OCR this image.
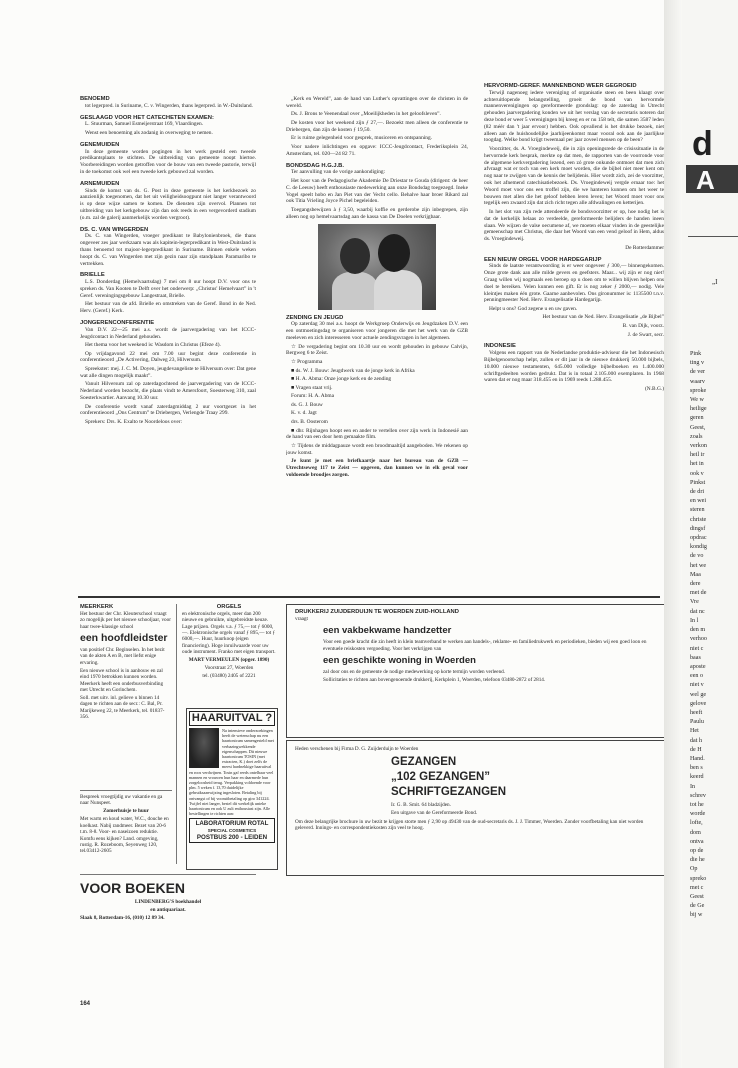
BENOEMD

tot legerpred. in Suriname, C. v. Wingerden, thans legerpred. in W.-Duitsland.

GESLAAGD VOOR HET CATECHETEN EXAMEN:

L. Stuurman, Samuel Esmeijerstraat 169, Vlaardingen.

Wenst een benoeming als zodanig in overweging te nemen.

GENEMUIDEN

In deze gemeente worden pogingen in het werk gesteld een tweede predikantsplaats te stichten. De uitbreiding van gemeente noopt hiertoe. Voorbereidingen worden getroffen voor de bouw van een tweede pastorie, terwijl in de toekomst ook wel een tweede kerk gebouwd zal worden.

ARNEMUIDEN

Sinds de komst van ds. G. Post in deze gemeente is het kerkbezoek zo aanzienlijk toegenomen, dat het uit veiligheidsoogpunt niet langer verantwoord is op deze wijze samen te komen. De diensten zijn overvol. Plannen tot uitbreiding van het kerkgebouw zijn dan ook reeds in een vergevorderd stadium (o.m. zal de galerij aanmerkelijk worden vergroot).

DS. C. VAN WINGERDEN

Ds. C. van Wingerden, vroeger predikant te Babylonienbroek, die thans ongeveer zes jaar werkzaam was als kapitein-legerpredikant in West-Duitsland is thans benoemd tot majoor-legerpredikant in Suriname. Binnen enkele weken hoopt ds. C. van Wingerden met zijn gezin naar zijn standplaats Paramaribo te vertrekken.

BRIELLE

L.S. Donderdag (Hemelvaartsdag) 7 mei om 8 uur hoopt D.V. voor ons te spreken ds. Van Kooten te Delft over het onderwerp: „Christus' Hemelvaart” in 't Geref. vereningingsgebouw Langestraat, Brielle.

Het bestuur van de afd. Brielle en omstreken van de Geref. Bond in de Ned. Herv. (Geref.) Kerk.

JONGERENCONFERENTIE

Van D.V. 22—25 mei a.s. wordt de jaarvergadering van het ICCC-Jeugdcontact in Nederland gehouden.

Het thema voor het weekend is: Wasdom in Christus (Efeze 4).

Op vrijdagavond 22 mei om 7.00 uur begint deze conferentie in conferentieoord „De Activering, Dalweg 23, Hilversum.

Spreekster: mej. J. C. M. Doyen, jeugdevangeliste te Hilversum over: Dat gene wat alle dingen mogelijk maakt”.

Vanuit Hilversum zal op zaterdagochtend de jaarvergadering van de ICCC-Nederland worden bezocht, die plaats vindt te Amersfoort, Soesterweg 310, zaal Soesterkwartier. Aanvang 10.30 uur.

De conferentie wordt vanaf zaterdagmiddag 2 uur voortgezet in het conferentieoord „Ons Centrum” te Driebergen, Verlengde Traay 299.

Sprekers: Drs. K. Exalto te Noordeloos over:

„Kerk en Wereld”, aan de hand van Luther's opvattingen over de christen in de wereld.

Ds. J. Brons te Veenendaal over „Moeilijkheden in het geloofsleven”.

De kosten voor het weekend zijn ƒ 27,—. Bezoekt men alleen de conferentie te Driebergen, dan zijn de kosten ƒ 19,50.

Er is ruime gelegenheid voor gesprek, musiceren en ontspanning.

Voor nadere inlichtingen en opgave: ICCC-Jeugdcontact, Frederiksplein 24, Amsterdam, tel. 020—24 82 71.

BONDSDAG H.G.J.B.

Ter aanvulling van de vorige aankondiging:

Het koor van de Pedagogische Akademie De Driestar te Gouda (dirigent: de heer C. de Leeuw) heeft enthousiaste medewerking aan onze Bondsdag toegezegd. Ineke Vogel speelt hobo en Jan Piet van der Vecht cello. Behalve haar broer Rikard zal ook Titia Vrieling Joyce Pichel begeleiden.

Toegangsbewijzen à ƒ 3,50, waarbij koffie en gerderobe zijn inbegrepen, zijn alleen nog op hemelvaartsdag aan de kassa van De Doelen verkrijgbaar.

ZENDING EN JEUGD

Op zaterdag 30 mei a.s. hoopt de Werkgroep Onderwijs en Jeugdzaken D.V. een een ontmoetingsdag te organiseren voor jongeren die met het werk van de GZB meeleven en zich interesseren voor actuele zendingsvragen in het algemeen.

☆ De vergadering begint om 10.30 uur en wordt gehouden in gebouw Calvijn, Bergweg 6 te Zeist.

☆ Programma

■ ds. W. J. Bouw: Jeugdwerk van de jonge kerk in Afrika

■ H. A. Abma: Onze jonge kerk en de zending

■ Vragen staat vrij.

Forum: H. A. Abma

ds. G. J. Bouw

K. v. d. Jagt

drs. B. Oosterom

■ dhr. Rijnhagen hoopt een en ander te vertellen over zijn werk in Indonesië aan de hand van een door hem gemaakte film.

☆ Tijdens de middagpauze wordt een broodmaaltijd aangeboden. We rekenen op jouw komst.

Je kunt je met een briefkaartje naar het bureau van de GZB — Utrechtseweg 117 te Zeist — opgeven, dan kunnen we in elk geval voor voldoende broodjes zorgen.

HERVORMD-GEREF. MANNENBOND WEER GEGROEID

Terwijl nagenoeg iedere vereniging of organisatie steen en been klaagt over achteruitlopende belangstelling, groeit de bond van hervormde mannenverenigingen op gereformeerde grondslag: op de zaterdag in Utrecht gehouden jaarvergadering konden we uit het verslag van de secretaris noteren dat deze bond er weer 5 verenigingen bij kreeg en er nu 158 telt, die samen 3587 leden (82 méér dan 't jaar ervoor) hebben. Ook opvallend is het drukke bezoek, niet alleen aan de huishoudelijke jaarhijeenkomst maar vooral ook aan de jaarlijkse toogdag. Welke bond krijgt tweemaal per jaar zoveel mensen op de been?

Voorzitter, ds. A. Vroegindeweij, die in zijn openingsrede de crisissituatie in de hervormde kerk besprak, merkte op dat men, de rapporten van de voorronde voor de algemene kerkvergadering lezend, een zó grote onkunde ontmoet dat men zich afvraagt wat er toch van een kerk moet worden, die de bijbel niet meer kent om nog naar te zwijgen van de kennis der belijdenis. Hier wordt zich, zei de voorzitter, ook het afnemend catechisatiebezoek. Ds. Vroegindeweij vergde ernaar toe: het Woord moet voor ons een troffel zijn, die we hanteren kunnen om het weer te bouwen met allen die het geloof hebben leren leven; het Woord moet voor ons tegelijk een zwaard zijn dat zich richt tegen alle afdwalingen en ketterijen.

In het slot van zijn rede attendeerde de bondsvoorzitter er op, hoe nodig het is dat de kerkelijk helaas zo verdeelde, gereformeerde belijders de handen ineen slaan. We wijzen de valse oecumene af, we moeten elkaar vinden in de geestelijke gemeenschap met Christus, die daar het Woord van een vend geloof in Hem, aldus ds. Vroegindeweij.

De Rotterdammer

EEN NIEUW ORGEL VOOR HARDEGARIJP

Sinds de laatste verantwoording is er weer ongeveer ƒ 300,— binnengekomen. Onze grote dank aan alle milde gevers en geefsters. Maar... wij zijn er nog niet! Graag willen wij nogmaals een beroep op u doen om te willen blijven helpen ons doel te bereiken. Velen kunnen een gift. Er is nog zeker ƒ 2000,— nodig. Vele kleintjes maken één grote. Gaarne aanbevolen. Ons gironummer is: 1135500 t.n.v. penningmeester Ned. Herv. Evangelisatie Hardegarijp.

Helpt u ons? God zegene u en uw gaven.

Het bestuur van de Ned. Herv. Evangelisatie „de Bijbel”

B. van Dijk, voorz.

J. de Swart, secr.

INDONESIE

Volgens een rapport van de Nederlandse produktie-adviseur die het Indonesisch Bijbelgenootschap helpt, zullen er dit jaar in de nieuwe drukkerij 50.000 bijbels, 10.000 nieuwe testamenten, 645.000 volledige bijbelboeken en 1.400.000 schriftgedeelten worden gedrukt. Dat is in totaal 2.105.000 exemplaren. In 1968 waren dat er nog maar 318.455 en in 1969 reeds 1.288.455.

(N.B.G.)

MEERKERK

Het bestuur der Chr. Kleuterschool vraagt zo mogelijk per het nieuwe schooljaar, voor haar twee-klassige school

een hoofdleidster

van positief Chr. Beginselen. In het bezit van de akten A en B, met liefst enige ervaring.

Een nieuwe school is in aanbouw en zal eind 1970 betrokken kunnen worden. Meerkerk heeft een onderbusverbinding met Utrecht en Gorinchem.

Soll. met uitv. inl. gelieve u binnen 14 dagen te richten aan de secr.: C. Bal, Pr. Marijkeweg 22, te Meerkerk, tel. 01837-356.

Bespreek vroegtijdig uw vakantie en ga naar Nunspeet.

Zomerhuisje te huur

Met warm en koud water, W.C., douche en koelkast. Nabij randmeer. Bezet van 20-6 t.m. 8-8. Voor- en naseizoen reduktie. Komfu eens kijken? Land. omgeving, rustig. R. Rozeboom, Seyenweg 120, tel.03412-2605

VOOR BOEKEN

LINDENBERG'S boekhandel

en antiquariaat.

Slaak 8, Rotterdam-16, (010) 12 89 34.

ORGELS

en elektronische orgels, meer dan 200 nieuwe en gebruikte, uitgebreidste keuze. Lage prijzen. Orgels v.a. ƒ 75,— tot ƒ 6000,—. Elektronische orgels vanaf ƒ 895,— tot ƒ 6000,—. Huur, huurkoop (eigen financiering). Hoge inruilwaarde voor uw oude instrument. Franko met eigen transport.

MART VERMEULEN (opger. 1890)

Voorstraat 27, Woerden

tel. (03480) 2405 of 2221

HAARUITVAL ?

Na intensieve onderzoekingen heeft de wetenschap nu een haartonicum samengesteld met verbazingwekkende eigenschappen. Dit nieuwe haartonicum TOSIN (met extracten, K.) doet zelfs de meest hardnekkige haaruitval en roos verdwijnen. Tosin gaf reeds ontelbaar veel mannen en vrouwen hun haar en daarmede hun zorgeloosheid terug. Verpakking voldoende voor plm. 5 weken f. 13,70 duidelijke gebruiksaanwijzing ingesloten. Betaling bij ontvangst of bij vooruitbetaling op giro 341224. Twijfel niet langer, bestel dit werkelijk unieke haartonicum en ook U zult enthousiast zijn. Alle bestellingen te richten aan:

LABORATORIUM ROTAL
SPECIAL COSMETICS
POSTBUS 200 - LEIDEN
DRUKKERIJ ZUIJDERDUIJN TE WOERDEN ZUID-HOLLAND

vraagt

een vakbekwame handzetter

Voor een goede kracht die zin heeft in klein teamverband te werken aan handels-, reklame- en familiedrukwerk en periodieken, bieden wij een goed loon en eventuele reiskosten vergoeding. Voor het verkrijgen van

een geschikte woning in Woerden

zal door ons en de gemeente de nodige medewerking op korte termijn worden verleend.

Sollicitaties te richten aan bovengenoemde drukkerij, Kerkplein 1, Woerden, telefoon 03480-2872 of 2814.

Heden verschenen bij Firma D. G. Zuijderduijn te Woerden

GEZANGEN

„102 GEZANGEN”

SCHRIFTGEZANGEN

Ir. G. B. Smit. 64 bladzijden.

Een uitgave van de Gereformeerde Bond.

Om deze belangrijke brochure in uw bezit te krijgen storte men ƒ 2,90 op 49430 van de oud-secretaris ds. J. J. Timmer, Woerden. Zonder voorfbetaling kan niet worden geleverd. Innings- en correspondentiekosten zijn veel te hoog.

164
d
A
„I
Pink
ting v
de ver
waarv
sproke
We w
heilige
geren
Geest,
zoals
verkon
heil ir
het in
ook v
Pinkst
de dri
en wei
steren
christe
dingsf
opdrac
kondig
de vo
het we
Maa
dere
met de
Vre
dat nc
In l
den m
verhoo
niet c
baas
aposte
een o
niet v
wel ge
gelove
heeft
Paulu
Het
dat h
de H
Hand.
ben s
keerd
In
schrev
tot he
worde
lofte,
dom
ontva
op de
die he
Op
spreko
met c
Geest
de Ge
bij w
